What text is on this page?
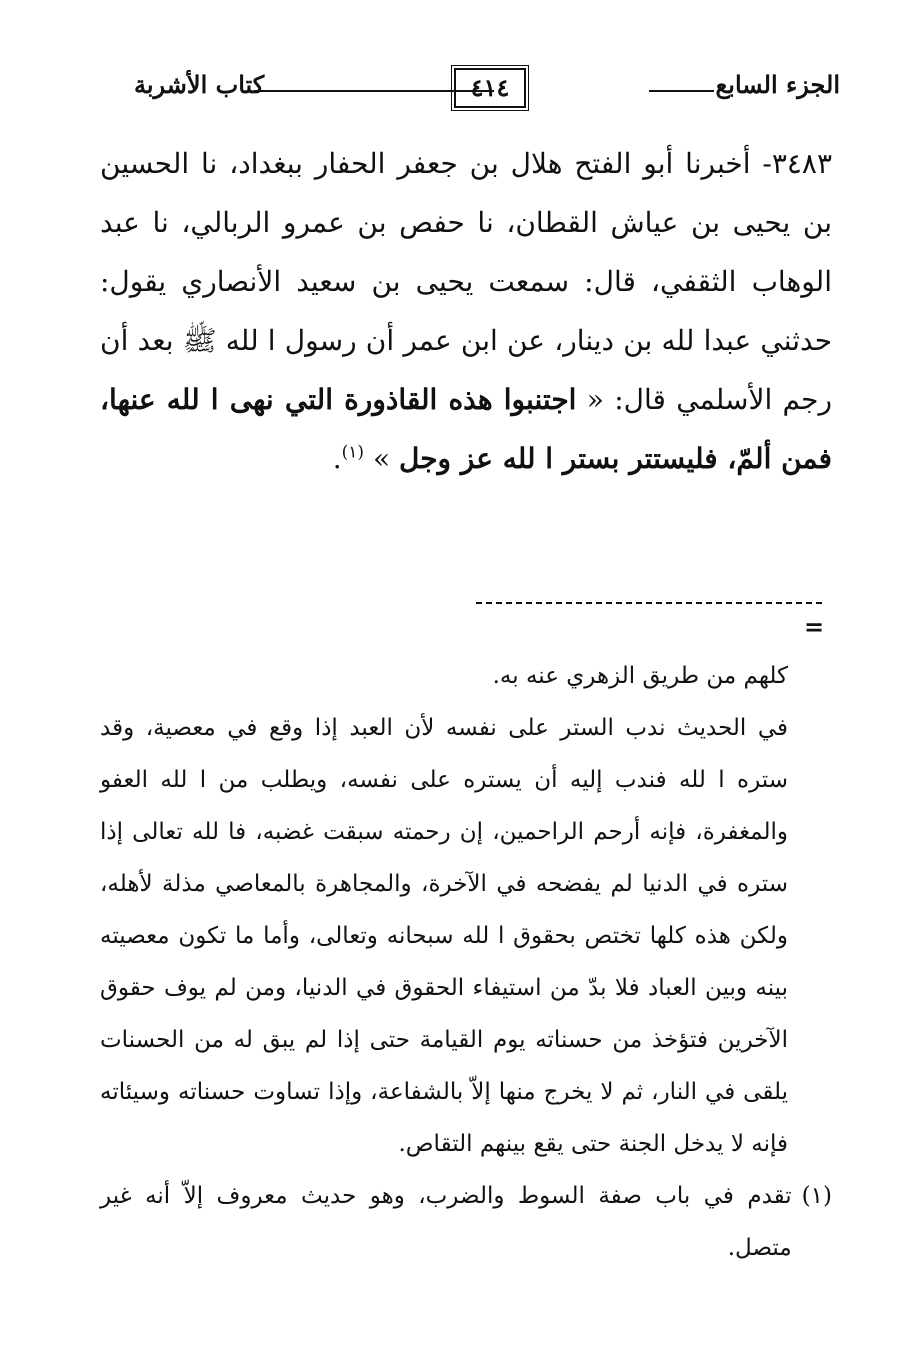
الجزء السابع
٤١٤
كتاب الأشربة
٣٤٨٣- أخبرنا أبو الفتح هلال بن جعفر الحفار ببغداد، نا الحسين بن يحيى بن عياش القطان، نا حفص بن عمرو الربالي، نا عبد الوهاب الثقفي، قال: سمعت يحيى بن سعيد الأنصاري يقول: حدثني عبدا لله بن دينار، عن ابن عمر أن رسول ا لله ﷺ بعد أن رجم الأسلمي قال: « اجتنبوا هذه القاذورة التي نهى ا لله عنها، فمن ألمّ، فليستتر بستر ا لله عز وجل » $^{(١)}$.
=
كلهم من طريق الزهري عنه به.
في الحديث ندب الستر على نفسه لأن العبد إذا وقع في معصية، وقد ستره ا لله فندب إليه أن يستره على نفسه، ويطلب من ا لله العفو والمغفرة، فإنه أرحم الراحمين، إن رحمته سبقت غضبه، فا لله تعالى إذا ستره في الدنيا لم يفضحه في الآخرة، والمجاهرة بالمعاصي مذلة لأهله، ولكن هذه كلها تختص بحقوق ا لله سبحانه وتعالى، وأما ما تكون معصيته بينه وبين العباد فلا بدّ من استيفاء الحقوق في الدنيا، ومن لم يوف حقوق الآخرين فتؤخذ من حسناته يوم القيامة حتى إذا لم يبق له من الحسنات يلقى في النار، ثم لا يخرج منها إلاّ بالشفاعة، وإذا تساوت حسناته وسيئاته فإنه لا يدخل الجنة حتى يقع بينهم التقاص.
(١)
تقدم في باب صفة السوط والضرب، وهو حديث معروف إلاّ أنه غير متصل.
